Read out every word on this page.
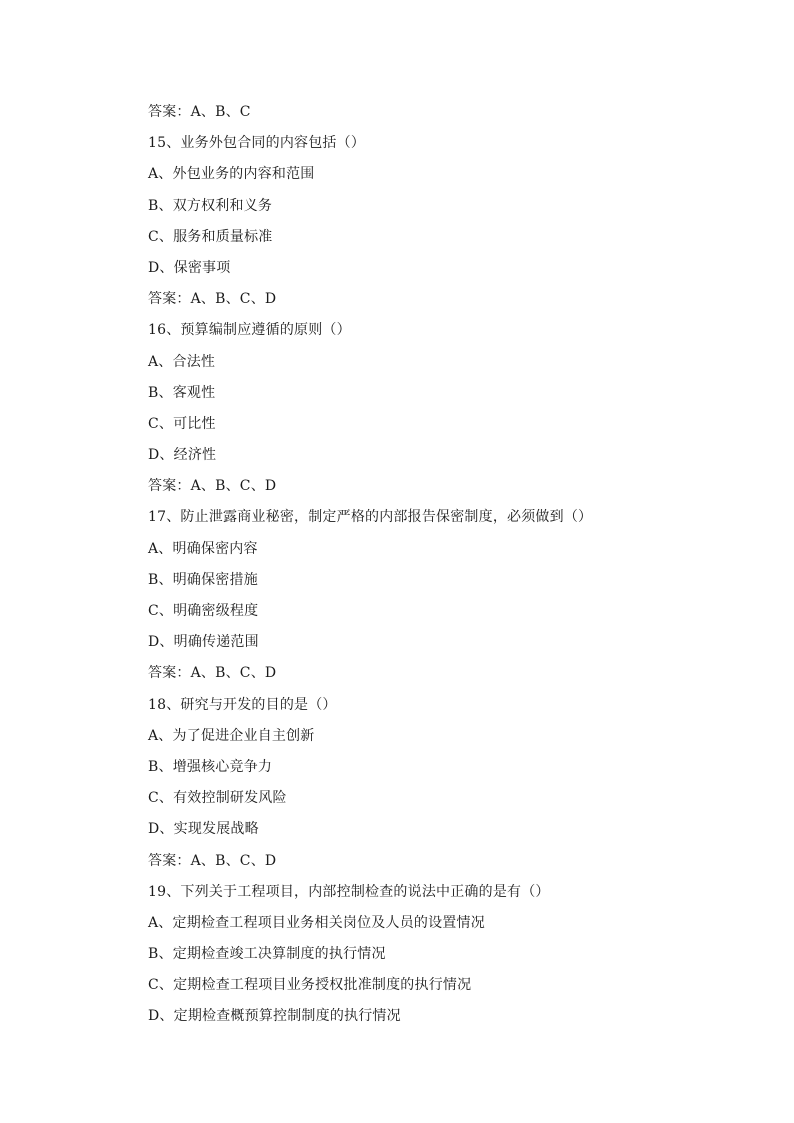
答案：A、B、C
15、业务外包合同的内容包括（）
A、外包业务的内容和范围
B、双方权利和义务
C、服务和质量标准
D、保密事项
答案：A、B、C、D
16、预算编制应遵循的原则（）
A、合法性
B、客观性
C、可比性
D、经济性
答案：A、B、C、D
17、防止泄露商业秘密，制定严格的内部报告保密制度，必须做到（）
A、明确保密内容
B、明确保密措施
C、明确密级程度
D、明确传递范围
答案：A、B、C、D
18、研究与开发的目的是（）
A、为了促进企业自主创新
B、增强核心竞争力
C、有效控制研发风险
D、实现发展战略
答案：A、B、C、D
19、下列关于工程项目，内部控制检查的说法中正确的是有（）
A、定期检查工程项目业务相关岗位及人员的设置情况
B、定期检查竣工决算制度的执行情况
C、定期检查工程项目业务授权批准制度的执行情况
D、定期检查概预算控制制度的执行情况
